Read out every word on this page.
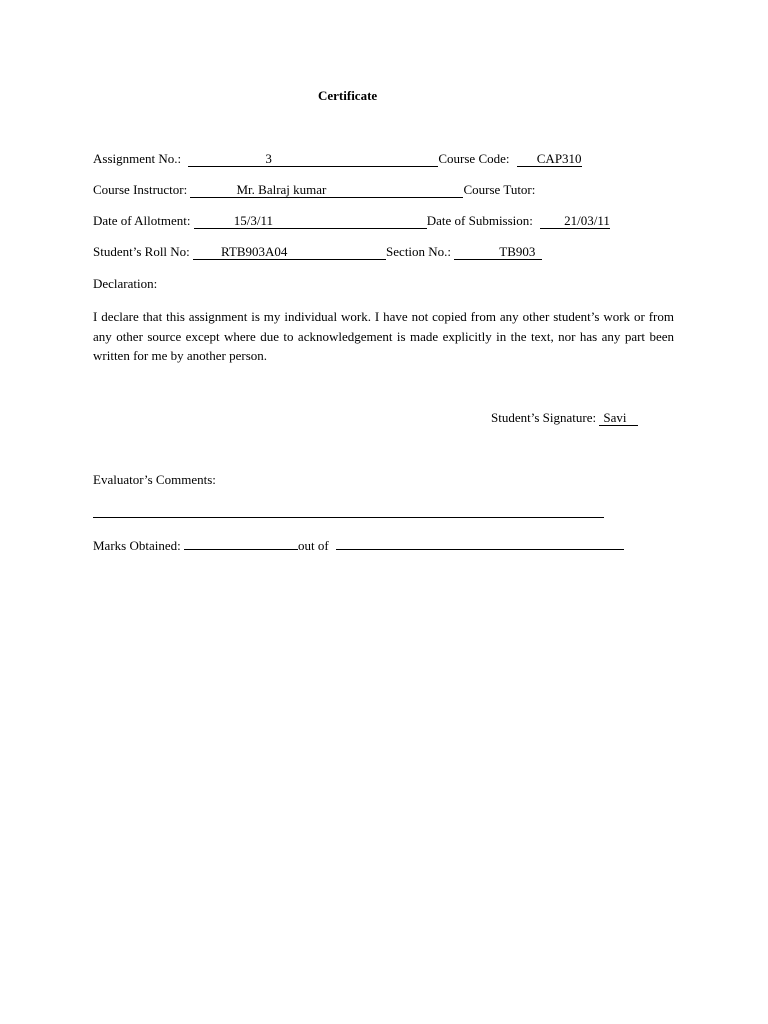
Certificate
Assignment No.:	3	Course Code: CAP310
Course Instructor:	Mr. Balraj kumar	Course Tutor:
Date of Allotment:	15/3/11	Date of Submission: 21/03/11
Student’s Roll No: RTB903A04	Section No.:	TB903
Declaration:
I declare that this assignment is my individual work. I have not copied from any other student’s work or from any other source except where due to acknowledgement is made explicitly in the text, nor has any part been written for me by another person.
Student’s Signature: Savi
Evaluator’s Comments:
Marks Obtained:	out of
